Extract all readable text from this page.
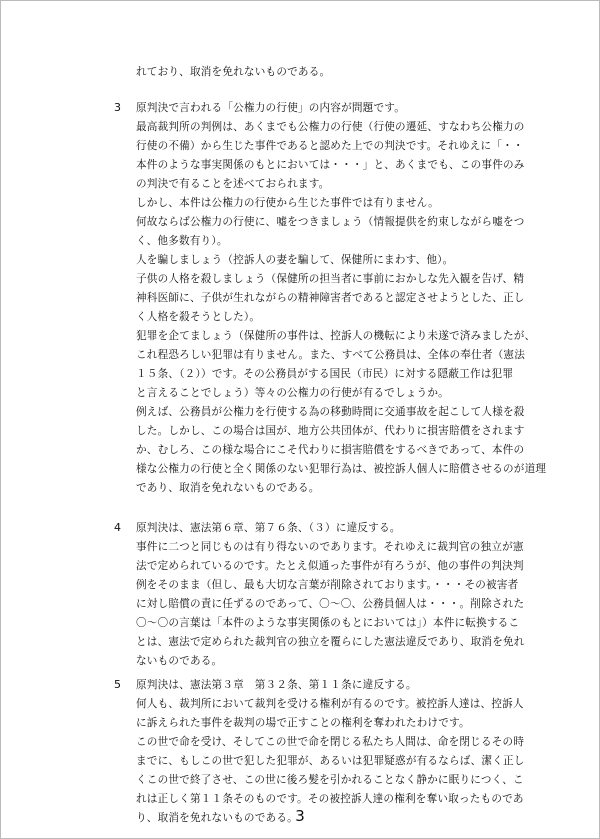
れており、取消を免れないものである。
3 原判決で言われる「公権力の行使」の内容が問題です。
最高裁判所の判例は、あくまでも公権力の行使（行使の遷延、すなわち公権力の
行使の不備）から生じた事件であると認めた上での判決です。それゆえに「・・
本件のような事実関係のもとにおいては・・・」と、あくまでも、この事件のみ
の判決で有ることを述べておられます。
しかし、本件は公権力の行使から生じた事件では有りません。
何故ならば公権力の行使に、嘘をつきましょう（情報提供を約束しながら嘘をつ
く、他多数有り）。
人を騙しましょう（控訴人の妻を騙して、保健所にまわす、他）。
子供の人格を殺しましょう（保健所の担当者に事前におかしな先入観を告げ、精
神科医師に、子供が生れながらの精神障害者であると認定させようとした、正し
く人格を殺そうとした）。
犯罪を企てましょう（保健所の事件は、控訴人の機転により未遂で済みましたが、
これ程恐ろしい犯罪は有りません。また、すべて公務員は、全体の奉仕者（憲法
１５条、（２））です。その公務員がする国民（市民）に対する隠蔽工作は犯罪
と言えることでしょう）等々の公権力の行使が有るでしょうか。
例えば、公務員が公権力を行使する為の移動時間に交通事故を起こして人様を殺
した。しかし、この場合は国が、地方公共団体が、代わりに損害賠償をされます
か、むしろ、この様な場合にこそ代わりに損害賠償をするべきであって、本件の
様な公権力の行使と全く関係のない犯罪行為は、被控訴人個人に賠償させるのが道理
であり、取消を免れないものである。
4 原判決は、憲法第６章、第７６条、（３）に違反する。
事件に二つと同じものは有り得ないのであります。それゆえに裁判官の独立が憲
法で定められているのです。たとえ似通った事件が有ろうが、他の事件の判決判
例をそのまま（但し、最も大切な言葉が削除されております。・・・その被害者
に対し賠償の責に任ずるのであって、〇〜〇、公務員個人は・・・。削除された
〇〜〇の言葉は「本件のような事実関係のもとにおいては」）本件に転換するこ
とは、憲法で定められた裁判官の独立を覆らにした憲法違反であり、取消を免れ
ないものである。
5 原判決は、憲法第３章　第３２条、第１１条に違反する。
何人も、裁判所において裁判を受ける権利が有るのです。被控訴人達は、控訴人
に訴えられた事件を裁判の場で正すことの権利を奪われたわけです。
この世で命を受け、そしてこの世で命を閉じる私たち人間は、命を閉じるその時
までに、もしこの世で犯した犯罪が、あるいは犯罪疑惑が有るならば、潔く正し
くこの世で終了させ、この世に後ろ髪を引かれることなく静かに眠りにつく、こ
れは正しく第１１条そのものです。その被控訴人達の権利を奪い取ったものであ
り、取消を免れないものである。
3
